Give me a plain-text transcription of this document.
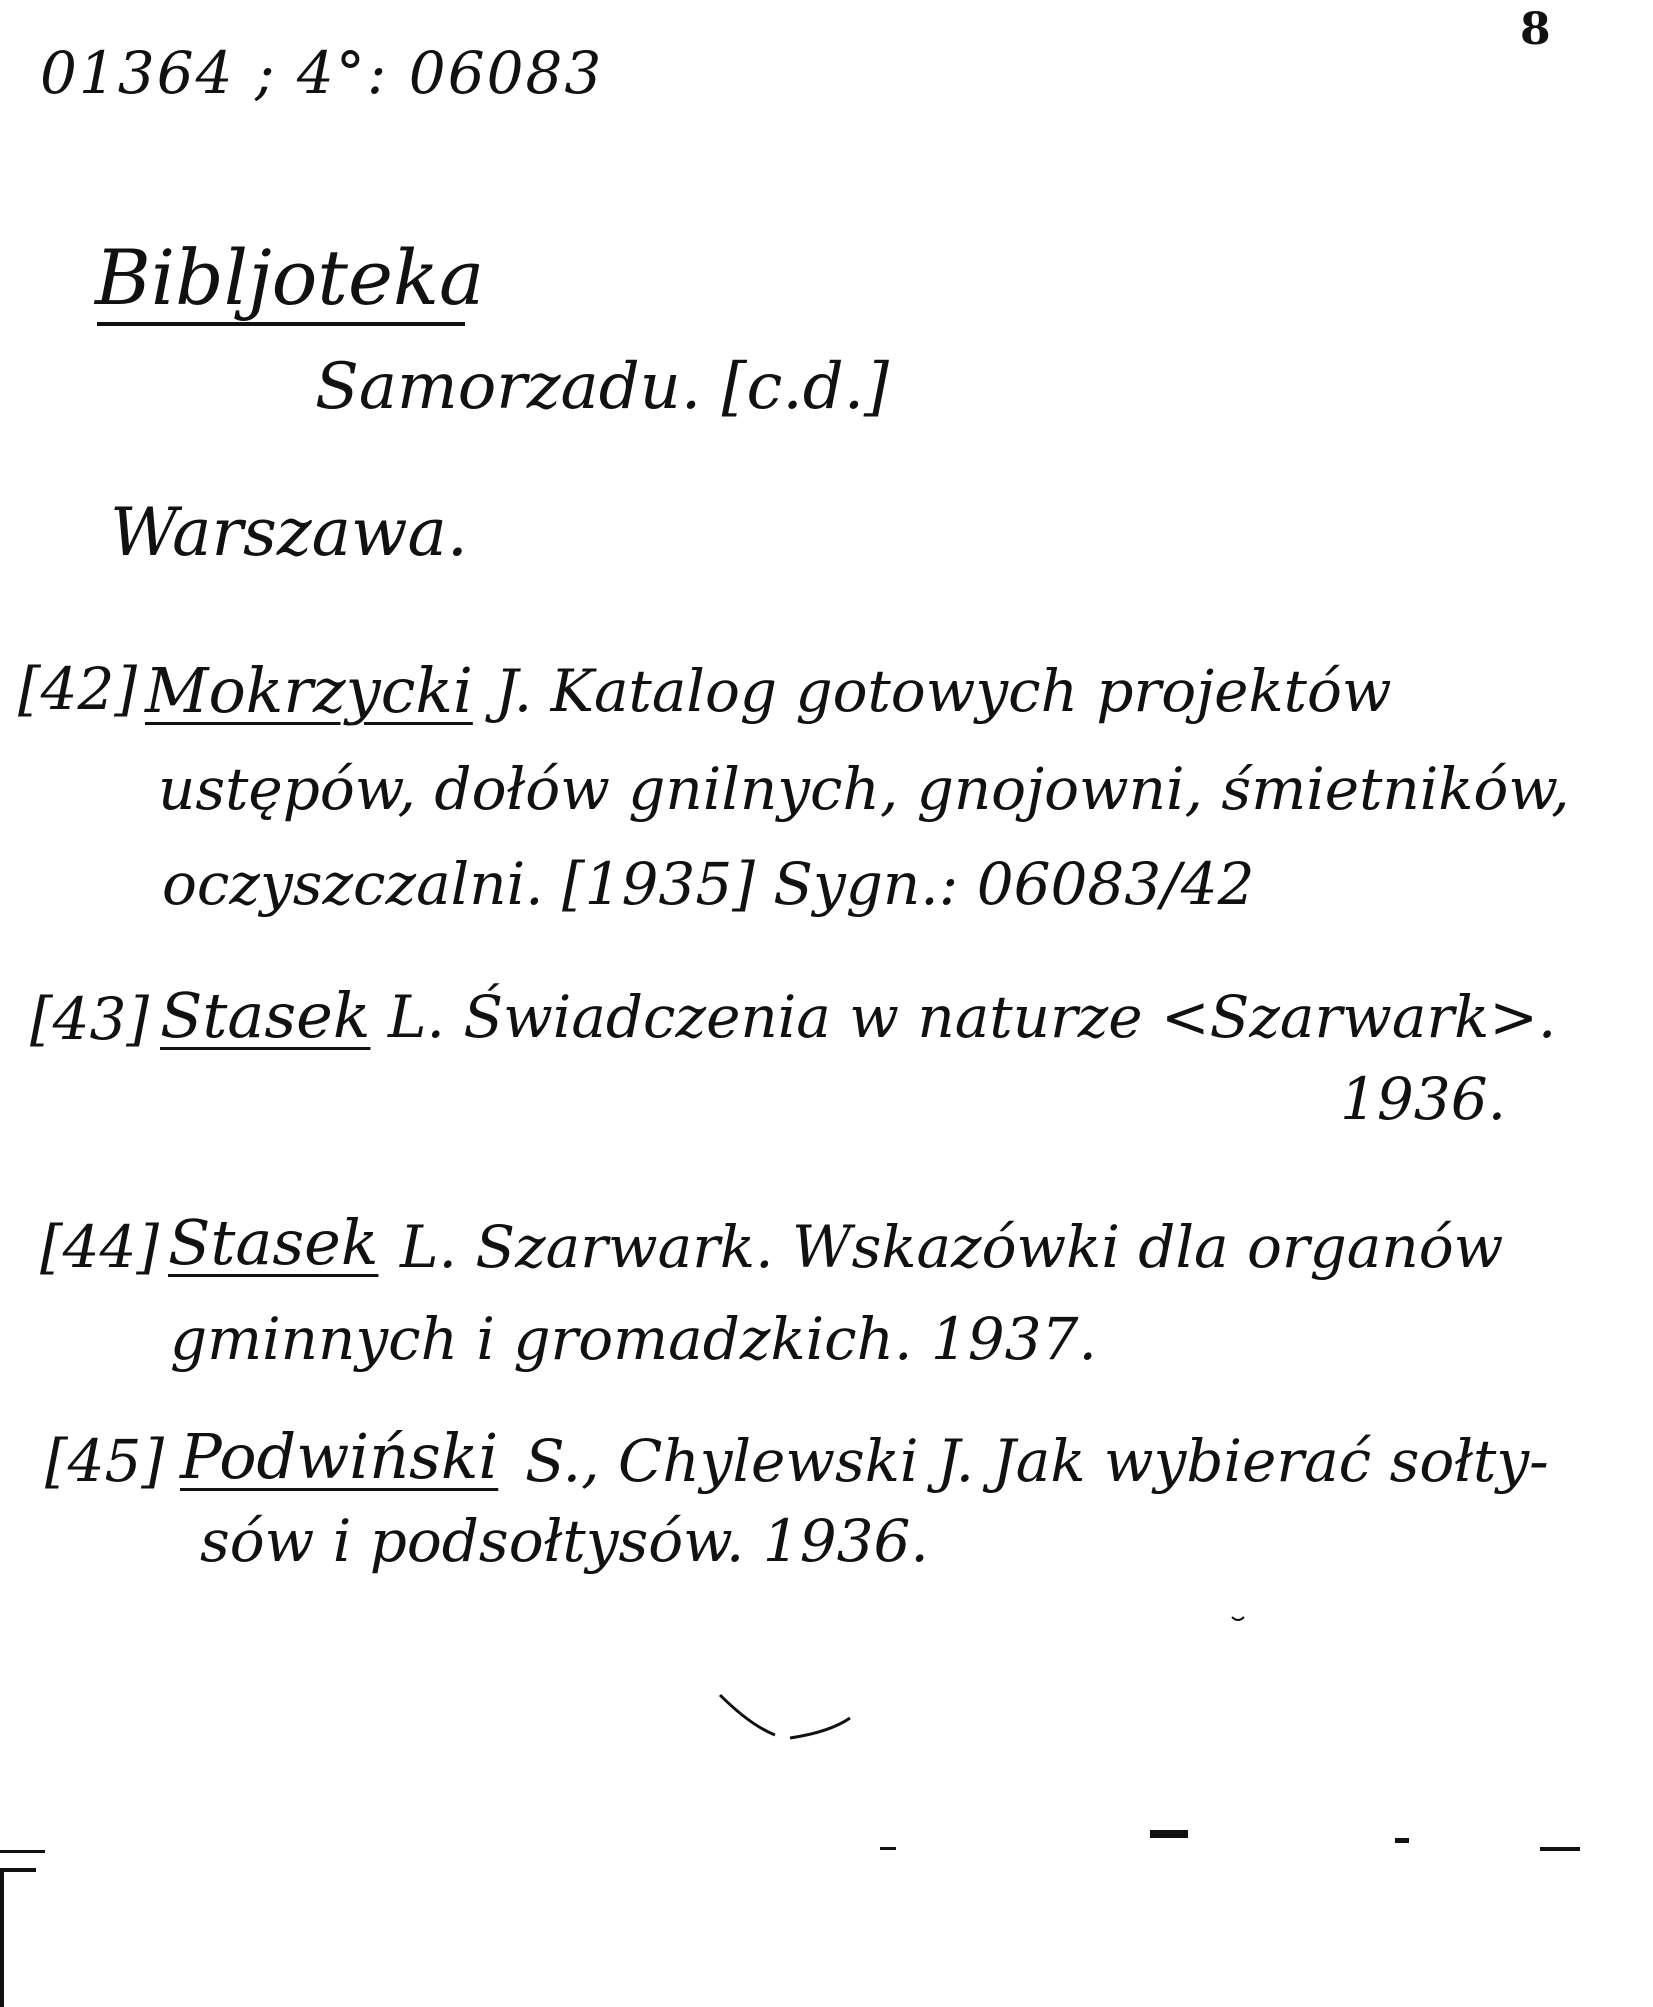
01364 ; 4°: 06083
8
Bibljoteka
Samorzadu. [c.d.]
Warszawa.
[42] Mokrzycki J. Katalog gotowych projektów
ustępów, dołów gnilnych, gnojowni, śmietników,
oczyszczalni. [1935] Sygn.: 06083/42
[43] Stasek L. Świadczenia w naturze <Szarwark>.
1936.
[44] Stasek L. Szarwark. Wskazówki dla organów
gminnych i gromadzkich. 1937.
[45] Podwiński S., Chylewski J. Jak wybierać sołty-
sów i podsołtysów. 1936.
